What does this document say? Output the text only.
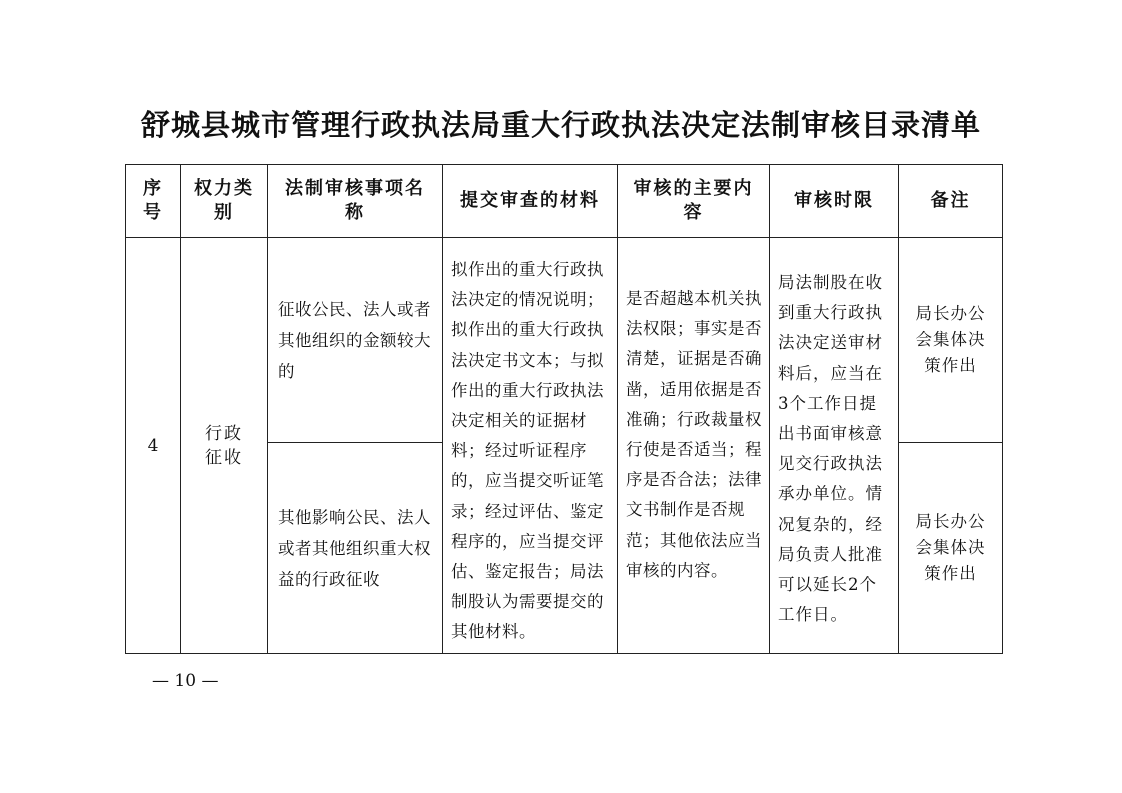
舒城县城市管理行政执法局重大行政执法决定法制审核目录清单
序号	权力类别	法制审核事项名称	提交审查的材料	审核的主要内容	审核时限	备注
4	行政征收	征收公民、法人或者其他组织的金额较大的	拟作出的重大行政执法决定的情况说明；拟作出的重大行政执法决定书文本；与拟作出的重大行政执法决定相关的证据材料；经过听证程序的，应当提交听证笔录；经过评估、鉴定程序的，应当提交评估、鉴定报告；局法制股认为需要提交的其他材料。	是否超越本机关执法权限；事实是否清楚，证据是否确凿，适用依据是否准确；行政裁量权行使是否适当；程序是否合法；法律文书制作是否规范；其他依法应当审核的内容。	局法制股在收到重大行政执法决定送审材料后，应当在3个工作日提出书面审核意见交行政执法承办单位。情况复杂的，经局负责人批准可以延长2个工作日。	局长办公会集体决策作出

		其他影响公民、法人或者其他组织重大权益的行政征收				局长办公会集体决策作出
— 10 —
